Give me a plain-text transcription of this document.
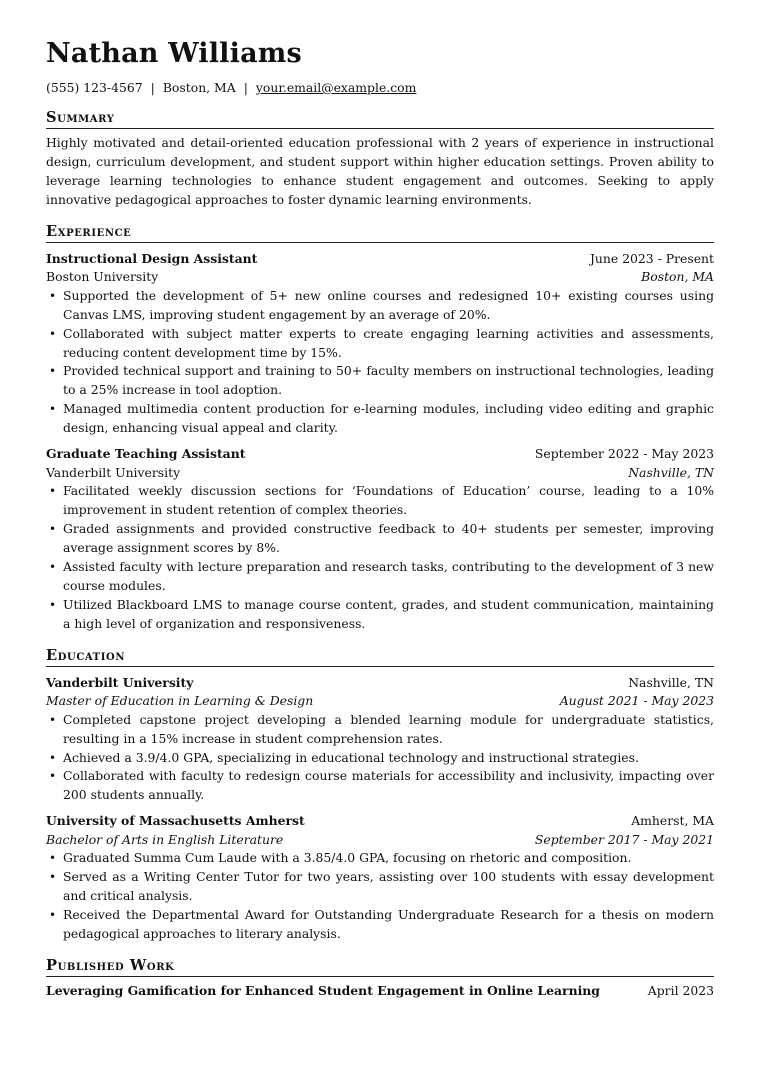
Nathan Williams
(555) 123-4567 | Boston, MA | your.email@example.com
Summary

Highly motivated and detail-oriented education professional with 2 years of experience in instructional design, curriculum development, and student support within higher education settings. Proven ability to leverage learning technologies to enhance student engagement and outcomes. Seeking to apply innovative pedagogical approaches to foster dynamic learning environments.

Experience
Instructional Design Assistant	June 2023 - Present
Boston University	Boston, MA
• Supported the development of 5+ new online courses and redesigned 10+ existing courses using Canvas LMS, improving student engagement by an average of 20%.
• Collaborated with subject matter experts to create engaging learning activities and assessments, reducing content development time by 15%.
• Provided technical support and training to 50+ faculty members on instructional technologies, leading to a 25% increase in tool adoption.
• Managed multimedia content production for e-learning modules, including video editing and graphic design, enhancing visual appeal and clarity.
Graduate Teaching Assistant	September 2022 - May 2023
Vanderbilt University	Nashville, TN
• Facilitated weekly discussion sections for ‘Foundations of Education’ course, leading to a 10% improvement in student retention of complex theories.
• Graded assignments and provided constructive feedback to 40+ students per semester, improving average assignment scores by 8%.
• Assisted faculty with lecture preparation and research tasks, contributing to the development of 3 new course modules.
• Utilized Blackboard LMS to manage course content, grades, and student communication, maintaining a high level of organization and responsiveness.
Education
Vanderbilt University	Nashville, TN
Master of Education in Learning & Design	August 2021 - May 2023
• Completed capstone project developing a blended learning module for undergraduate statistics, resulting in a 15% increase in student comprehension rates.
• Achieved a 3.9/4.0 GPA, specializing in educational technology and instructional strategies.
• Collaborated with faculty to redesign course materials for accessibility and inclusivity, impacting over 200 students annually.
University of Massachusetts Amherst	Amherst, MA
Bachelor of Arts in English Literature	September 2017 - May 2021
• Graduated Summa Cum Laude with a 3.85/4.0 GPA, focusing on rhetoric and composition.
• Served as a Writing Center Tutor for two years, assisting over 100 students with essay development and critical analysis.
• Received the Departmental Award for Outstanding Undergraduate Research for a thesis on modern pedagogical approaches to literary analysis.
Published Work
Leveraging Gamification for Enhanced Student Engagement in Online Learning	April 2023
